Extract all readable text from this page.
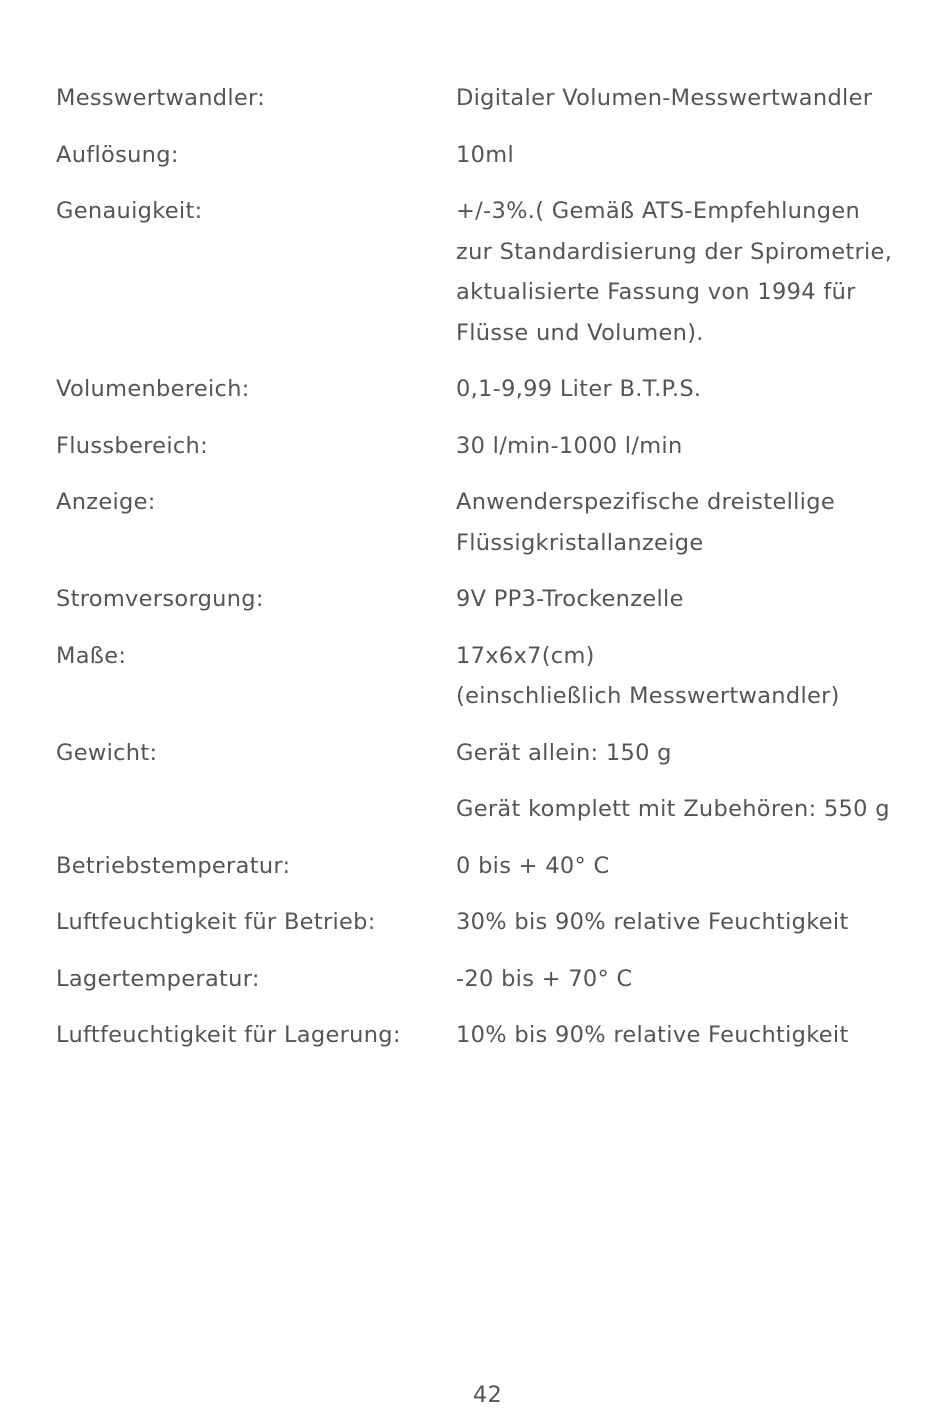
Messwertwandler:	Digitaler Volumen-Messwertwandler
Auflösung:	10ml
Genauigkeit:	+/-3%.( Gemäß ATS-Empfehlungen
zur Standardisierung der Spirometrie,
aktualisierte Fassung von 1994 für
Flüsse und Volumen).
Volumenbereich:	0,1-9,99 Liter B.T.P.S.
Flussbereich:	30 l/min-1000 l/min
Anzeige:	Anwenderspezifische dreistellige
Flüssigkristallanzeige
Stromversorgung:	9V PP3-Trockenzelle
Maße:	17x6x7(cm)
(einschließlich Messwertwandler)
Gewicht:	Gerät allein: 150 g
Gerät komplett mit Zubehören: 550 g
Betriebstemperatur:	0 bis + 40° C
Luftfeuchtigkeit für Betrieb:	30% bis 90% relative Feuchtigkeit
Lagertemperatur:	-20 bis + 70° C
Luftfeuchtigkeit für Lagerung:	10% bis 90% relative Feuchtigkeit
42
